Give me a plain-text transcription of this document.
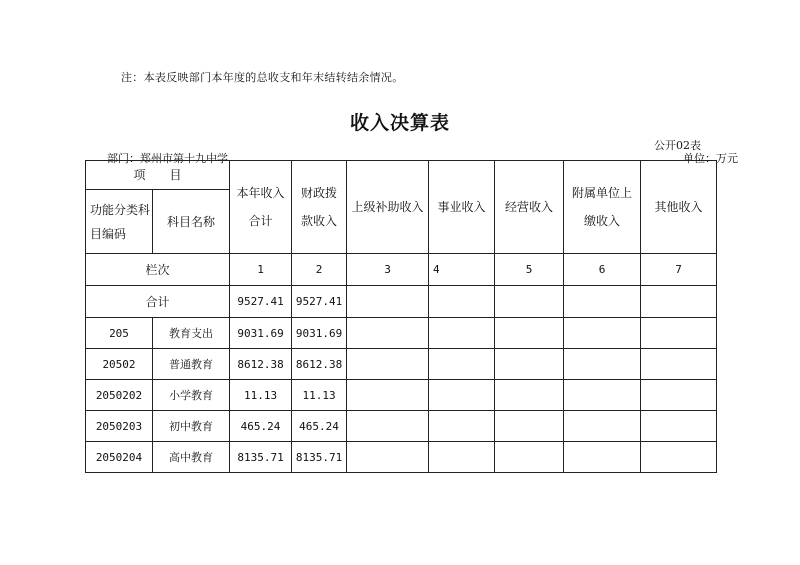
注：本表反映部门本年度的总收支和年末结转结余情况。
收入决算表
公开02表
部门：郑州市第十九中学	单位：万元
项　　目		本年收入合计	财政拨款收入	上级补助收入	事业收入	经营收入	附属单位上缴收入	其他收入
功能分类科目编码	科目名称							
栏次		1	2	3	4	5	6	7
合计		9527.41	9527.41					
205	教育支出	9031.69	9031.69					
20502	普通教育	8612.38	8612.38					
2050202	小学教育	11.13	11.13					
2050203	初中教育	465.24	465.24					
2050204	高中教育	8135.71	8135.71					
